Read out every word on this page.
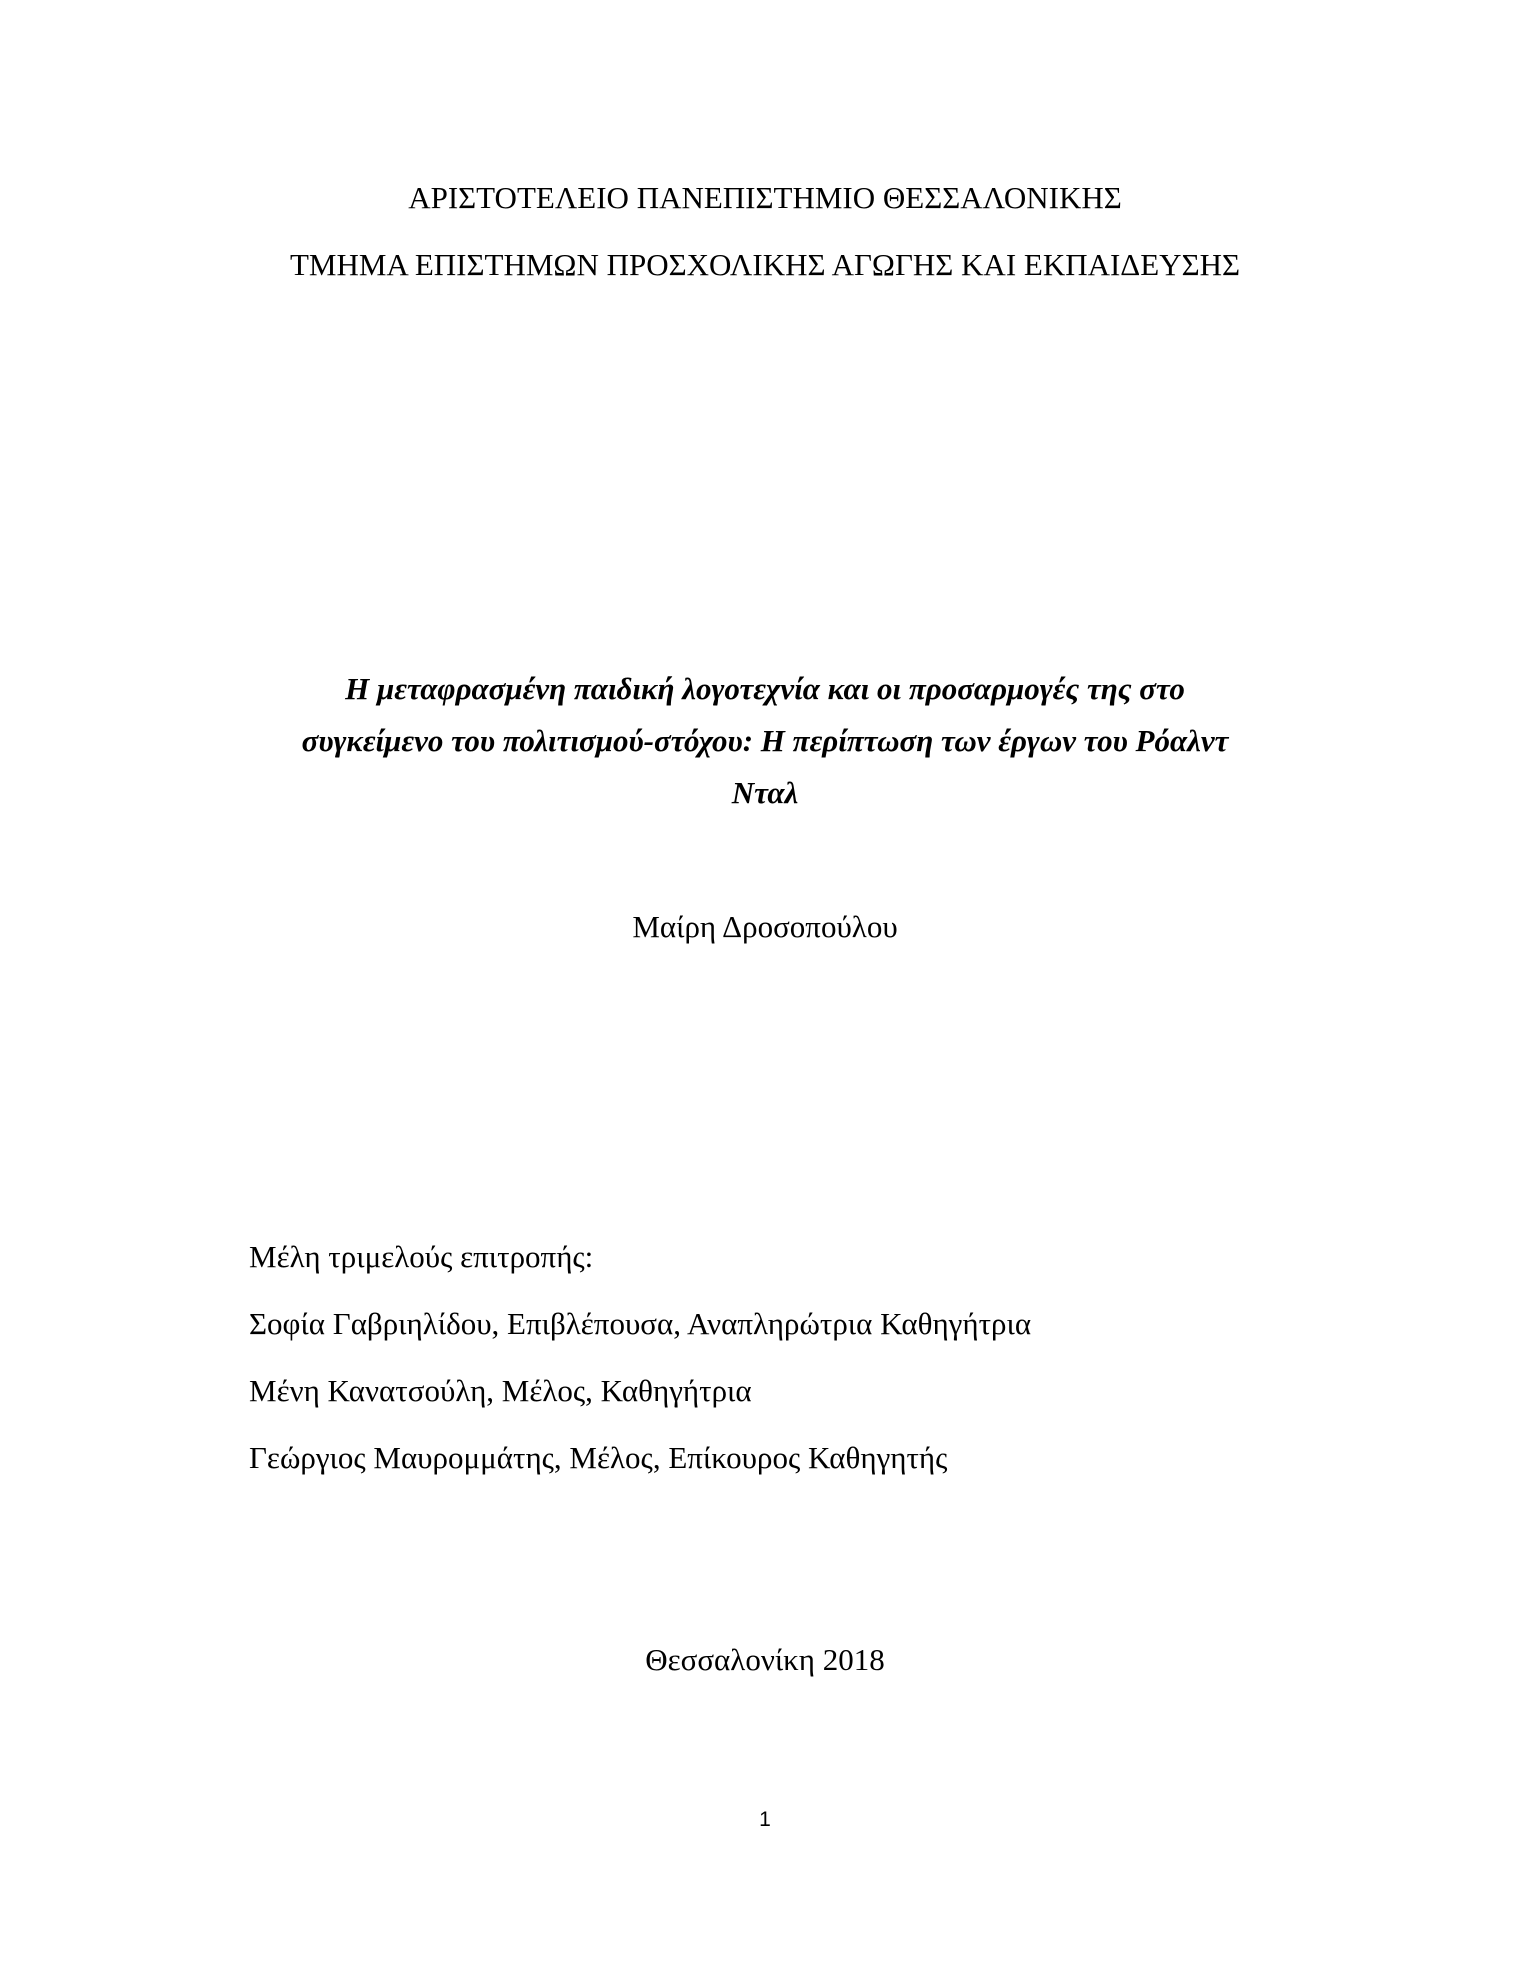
ΑΡΙΣΤΟΤΕΛΕΙΟ ΠΑΝΕΠΙΣΤΗΜΙΟ ΘΕΣΣΑΛΟΝΙΚΗΣ
ΤΜΗΜΑ ΕΠΙΣΤΗΜΩΝ ΠΡΟΣΧΟΛΙΚΗΣ ΑΓΩΓΗΣ ΚΑΙ ΕΚΠΑΙΔΕΥΣΗΣ
Η μεταφρασμένη παιδική λογοτεχνία και οι προσαρμογές της στο
συγκείμενο του πολιτισμού-στόχου: Η περίπτωση των έργων του Ρόαλντ
Νταλ
Μαίρη Δροσοπούλου
Μέλη τριμελούς επιτροπής:
Σοφία Γαβριηλίδου, Επιβλέπουσα, Αναπληρώτρια Καθηγήτρια
Μένη Κανατσούλη, Μέλος, Καθηγήτρια
Γεώργιος Μαυρομμάτης, Μέλος, Επίκουρος Καθηγητής
Θεσσαλονίκη 2018
1
